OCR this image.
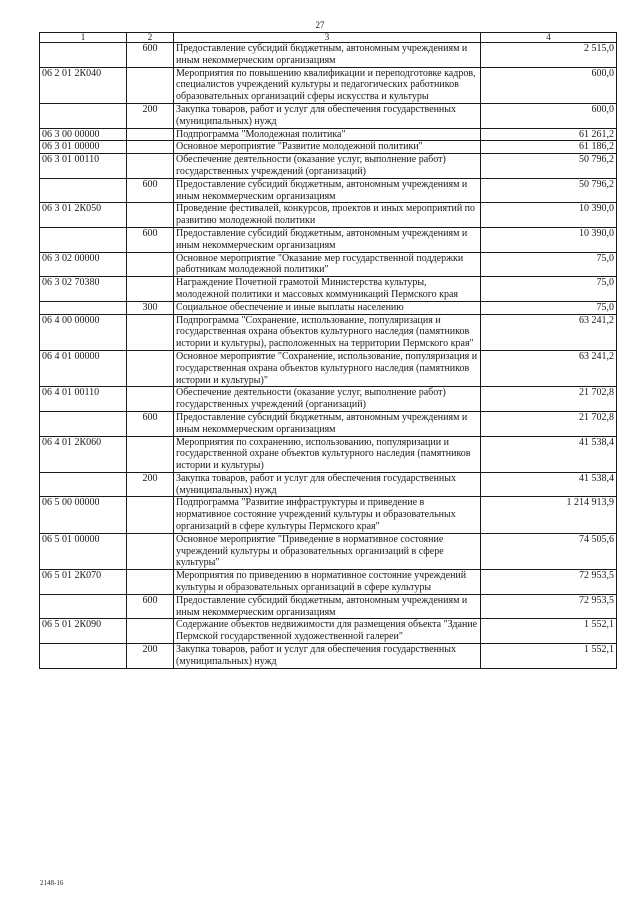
27
1	2	3	4
	600	Предоставление субсидий бюджетным, автономным учреждениям и иным некоммерческим организациям	2 515,0
06 2 01 2К040		Мероприятия по повышению квалификации и переподготовке кадров, специалистов учреждений культуры и педагогических работников образовательных организаций сферы искусства и культуры	600,0
	200	Закупка товаров, работ и услуг для обеспечения государственных (муниципальных) нужд	600,0
06 3 00 00000		Подпрограмма "Молодежная политика"	61 261,2
06 3 01 00000		Основное мероприятие "Развитие молодежной политики"	61 186,2
06 3 01 00110		Обеспечение деятельности (оказание услуг, выполнение работ) государственных учреждений (организаций)	50 796,2
	600	Предоставление субсидий бюджетным, автономным учреждениям и иным некоммерческим организациям	50 796,2
06 3 01 2К050		Проведение фестивалей, конкурсов, проектов и иных мероприятий по развитию молодежной политики	10 390,0
	600	Предоставление субсидий бюджетным, автономным учреждениям и иным некоммерческим организациям	10 390,0
06 3 02 00000		Основное мероприятие "Оказание мер государственной поддержки работникам молодежной политики"	75,0
06 3 02 70380		Награждение Почетной грамотой Министерства культуры, молодежной политики и массовых коммуникаций Пермского края	75,0
	300	Социальное обеспечение и иные выплаты населению	75,0
06 4 00 00000		Подпрограмма "Сохранение, использование, популяризация и государственная охрана объектов культурного наследия (памятников истории и культуры), расположенных на территории Пермского края"	63 241,2
06 4 01 00000		Основное мероприятие "Сохранение, использование, популяризация и государственная охрана объектов культурного наследия (памятников истории и культуры)"	63 241,2
06 4 01 00110		Обеспечение деятельности (оказание услуг, выполнение работ) государственных учреждений (организаций)	21 702,8
	600	Предоставление субсидий бюджетным, автономным учреждениям и иным некоммерческим организациям	21 702,8
06 4 01 2К060		Мероприятия по сохранению, использованию, популяризации и государственной охране объектов культурного наследия (памятников истории и культуры)	41 538,4
	200	Закупка товаров, работ и услуг для обеспечения государственных (муниципальных) нужд	41 538,4
06 5 00 00000		Подпрограмма "Развитие инфраструктуры и приведение в нормативное состояние учреждений культуры и образовательных организаций в сфере культуры Пермского края"	1 214 913,9
06 5 01 00000		Основное мероприятие "Приведение в нормативное состояние учреждений культуры и образовательных организаций в сфере культуры"	74 505,6
06 5 01 2К070		Мероприятия по приведению в нормативное состояние учреждений культуры и образовательных организаций в сфере культуры	72 953,5
	600	Предоставление субсидий бюджетным, автономным учреждениям и иным некоммерческим организациям	72 953,5
06 5 01 2К090		Содержание объектов недвижимости для размещения объекта "Здание Пермской государственной художественной галереи"	1 552,1
	200	Закупка товаров, работ и услуг для обеспечения государственных (муниципальных) нужд	1 552,1
2148-16
